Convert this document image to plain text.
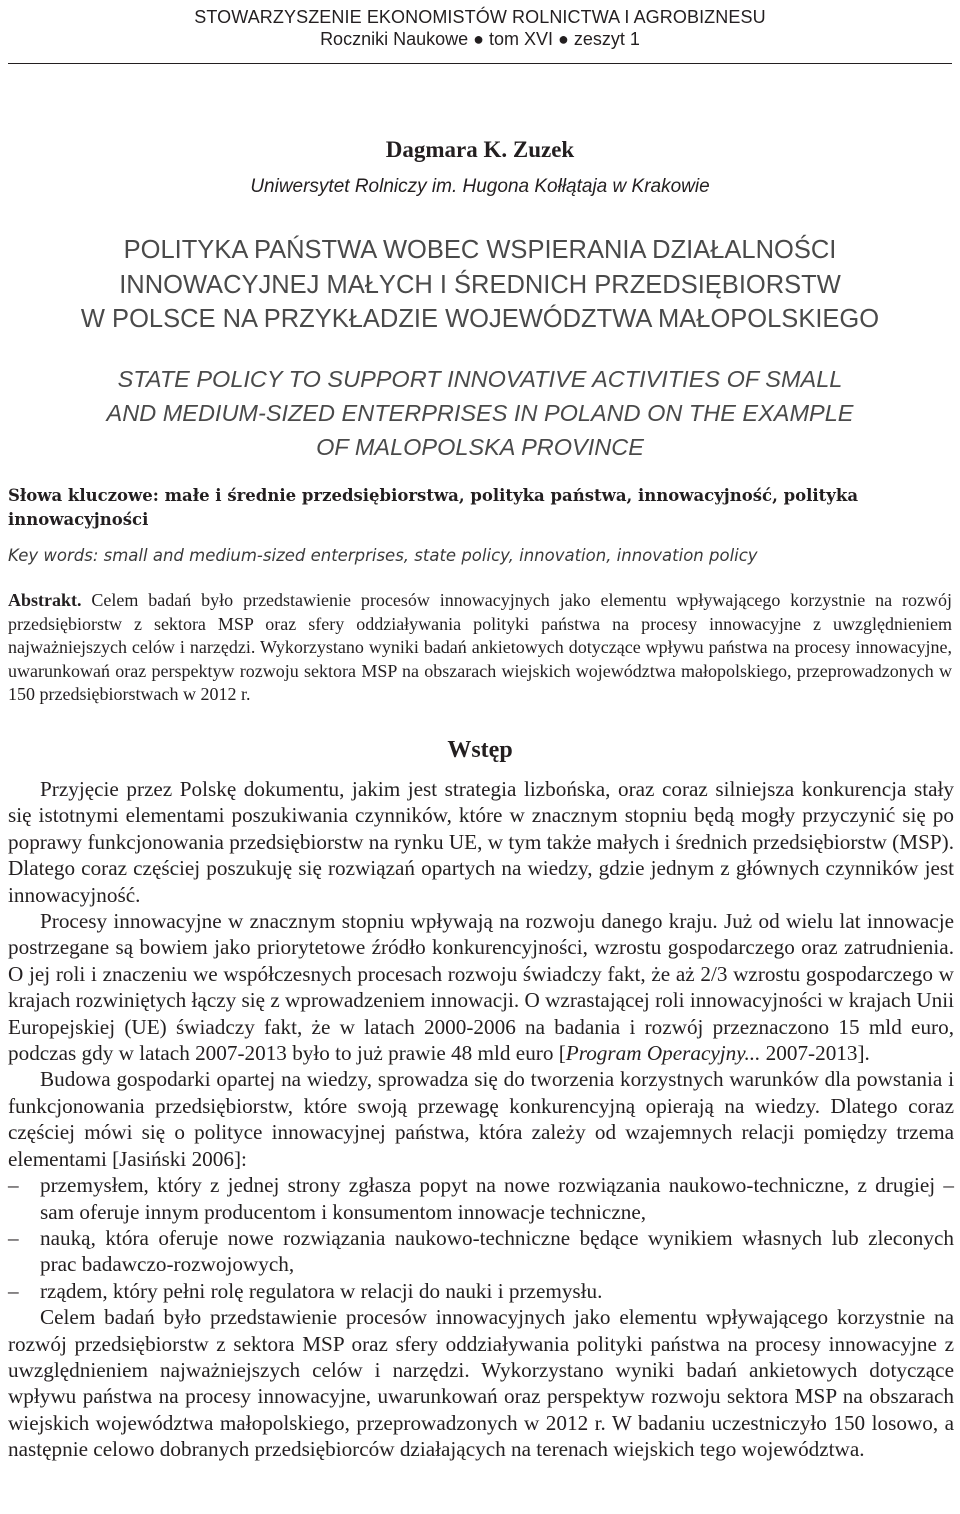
STOWARZYSZENIE EKONOMISTÓW ROLNICTWA I AGROBIZNESU
Roczniki Naukowe ● tom XVI ● zeszyt 1
Dagmara K. Zuzek
Uniwersytet Rolniczy im. Hugona Kołłątaja w Krakowie
POLITYKA PAŃSTWA WOBEC WSPIERANIA DZIAŁALNOŚCI
INNOWACYJNEJ MAŁYCH I ŚREDNICH PRZEDSIĘBIORSTW
W POLSCE NA PRZYKŁADZIE WOJEWÓDZTWA MAŁOPOLSKIEGO
STATE POLICY TO SUPPORT INNOVATIVE ACTIVITIES OF SMALL
AND MEDIUM-SIZED ENTERPRISES IN POLAND ON THE EXAMPLE
OF MALOPOLSKA PROVINCE
Słowa kluczowe: małe i średnie przedsiębiorstwa, polityka państwa, innowacyjność, polityka innowacyjności
Key words: small and medium-sized enterprises, state policy, innovation, innovation policy
Abstrakt. Celem badań było przedstawienie procesów innowacyjnych jako elementu wpływającego korzystnie na rozwój przedsiębiorstw z sektora MSP oraz sfery oddziaływania polityki państwa na procesy innowacyjne z uwzględnieniem najważniejszych celów i narzędzi. Wykorzystano wyniki badań ankietowych dotyczące wpływu państwa na procesy innowacyjne, uwarunkowań oraz perspektyw rozwoju sektora MSP na obszarach wiejskich województwa małopolskiego, przeprowadzonych w 150 przedsiębiorstwach w 2012 r.
Wstęp

Przyjęcie przez Polskę dokumentu, jakim jest strategia lizbońska, oraz coraz silniejsza konkurencja stały się istotnymi elementami poszukiwania czynników, które w znacznym stopniu będą mogły przyczynić się po poprawy funkcjonowania przedsiębiorstw na rynku UE, w tym także małych i średnich przedsiębiorstw (MSP). Dlatego coraz częściej poszukuję się rozwiązań opartych na wiedzy, gdzie jednym z głównych czynników jest innowacyjność.

Procesy innowacyjne w znacznym stopniu wpływają na rozwoju danego kraju. Już od wielu lat innowacje postrzegane są bowiem jako priorytetowe źródło konkurencyjności, wzrostu gospodarczego oraz zatrudnienia. O jej roli i znaczeniu we współczesnych procesach rozwoju świadczy fakt, że aż 2/3 wzrostu gospodarczego w krajach rozwiniętych łączy się z wprowadzeniem innowacji. O wzrastającej roli innowacyjności w krajach Unii Europejskiej (UE) świadczy fakt, że w latach 2000-2006 na badania i rozwój przeznaczono 15 mld euro, podczas gdy w latach 2007-2013 było to już prawie 48 mld euro [Program Operacyjny... 2007-2013].

Budowa gospodarki opartej na wiedzy, sprowadza się do tworzenia korzystnych warunków dla powstania i funkcjonowania przedsiębiorstw, które swoją przewagę konkurencyjną opierają na wiedzy. Dlatego coraz częściej mówi się o polityce innowacyjnej państwa, która zależy od wzajemnych relacji pomiędzy trzema elementami [Jasiński 2006]:

– przemysłem, który z jednej strony zgłasza popyt na nowe rozwiązania naukowo-techniczne, z drugiej – sam oferuje innym producentom i konsumentom innowacje techniczne,
– nauką, która oferuje nowe rozwiązania naukowo-techniczne będące wynikiem własnych lub zleconych prac badawczo-rozwojowych,
– rządem, który pełni rolę regulatora w relacji do nauki i przemysłu.

Celem badań było przedstawienie procesów innowacyjnych jako elementu wpływającego korzystnie na rozwój przedsiębiorstw z sektora MSP oraz sfery oddziaływania polityki państwa na procesy innowacyjne z uwzględnieniem najważniejszych celów i narzędzi. Wykorzystano wyniki badań ankietowych dotyczące wpływu państwa na procesy innowacyjne, uwarunkowań oraz perspektyw rozwoju sektora MSP na obszarach wiejskich województwa małopolskiego, przeprowadzonych w 2012 r. W badaniu uczestniczyło 150 losowo, a następnie celowo dobranych przedsiębiorców działających na terenach wiejskich tego województwa.
